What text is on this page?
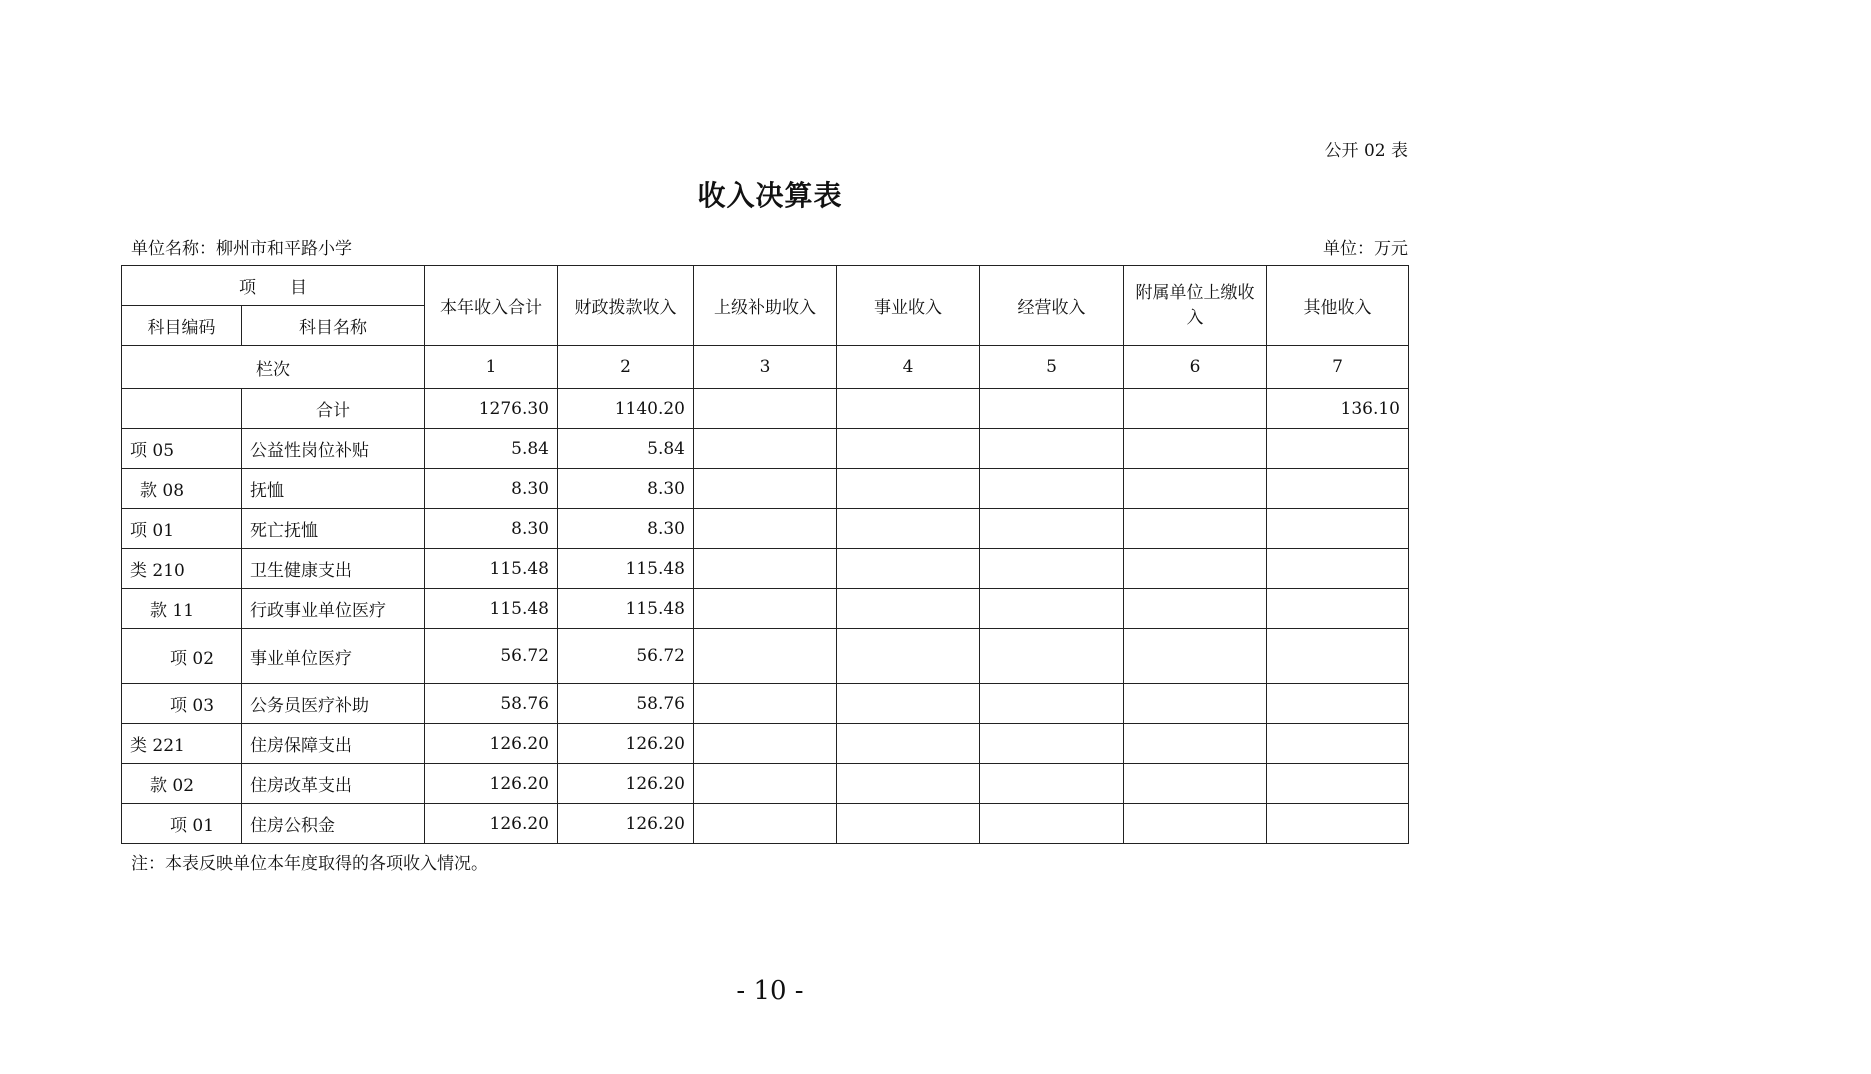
公开 02 表
收入决算表
单位名称：柳州市和平路小学	单位：万元
项　　目		本年收入合计	财政拨款收入	上级补助收入	事业收入	经营收入	附属单位上缴收入	其他收入
科目编码	科目名称							
栏次		1	2	3	4	5	6	7
	合计	1276.30	1140.20					136.10
项 05	公益性岗位补贴	5.84	5.84					
款 08	抚恤	8.30	8.30					
项 01	死亡抚恤	8.30	8.30					
类 210	卫生健康支出	115.48	115.48					
款 11	行政事业单位医疗	115.48	115.48					
项 02	事业单位医疗	56.72	56.72					
项 03	公务员医疗补助	58.76	58.76					
类 221	住房保障支出	126.20	126.20					
款 02	住房改革支出	126.20	126.20					
项 01	住房公积金	126.20	126.20					
注：本表反映单位本年度取得的各项收入情况。
- 10 -
